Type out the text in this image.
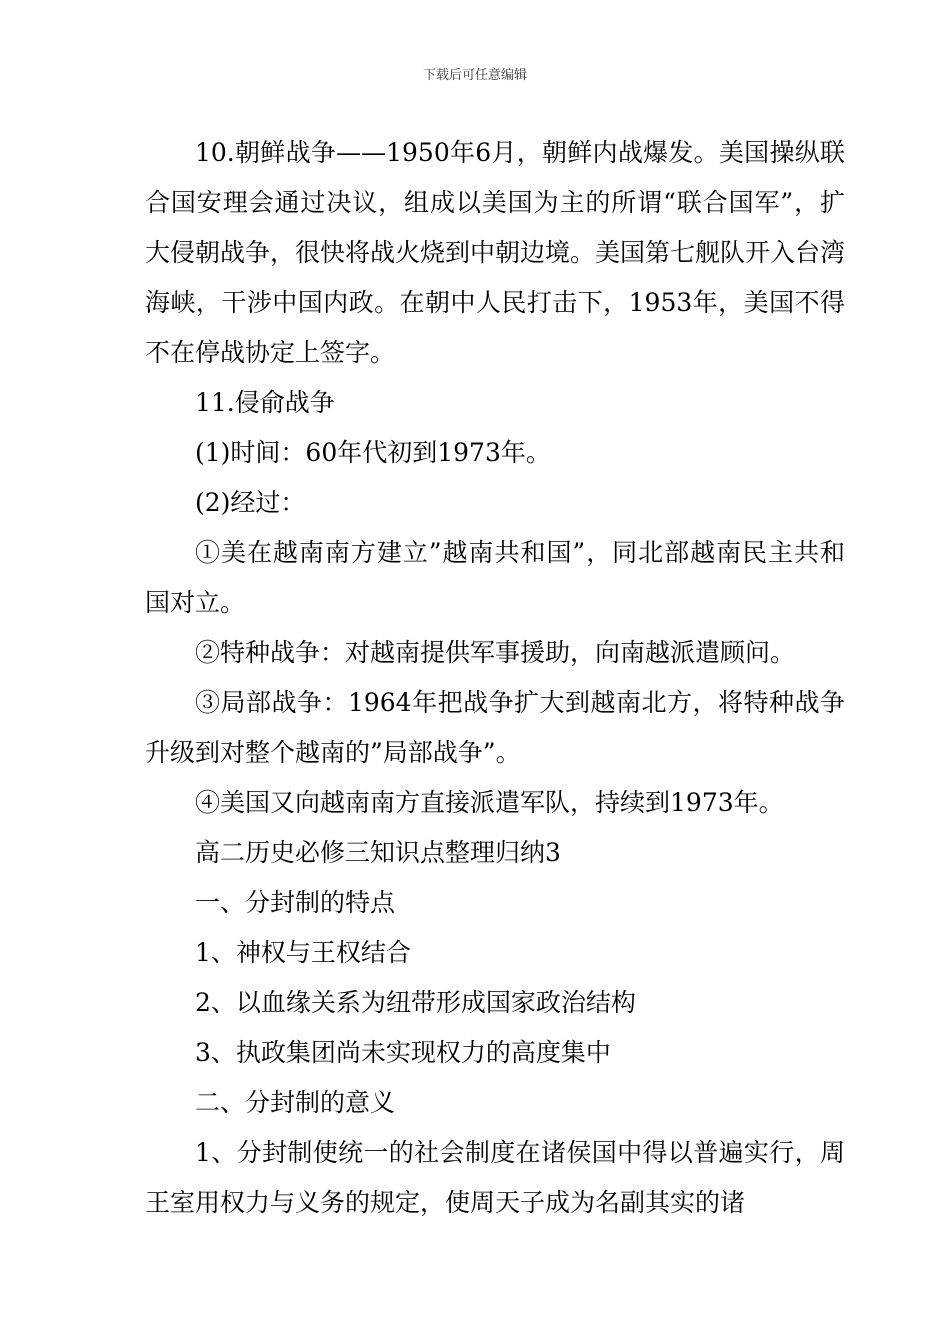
下载后可任意编辑

10.朝鲜战争——1950年6月，朝鲜内战爆发。美国操纵联合国安理会通过决议，组成以美国为主的所谓“联合国军”，扩大侵朝战争，很快将战火烧到中朝边境。美国第七舰队开入台湾海峡，干涉中国内政。在朝中人民打击下，1953年，美国不得不在停战协定上签字。

11.侵俞战争

(1)时间：60年代初到1973年。

(2)经过：

①美在越南南方建立”越南共和国”，同北部越南民主共和国对立。

②特种战争：对越南提供军事援助，向南越派遣顾问。

③局部战争：1964年把战争扩大到越南北方，将特种战争升级到对整个越南的”局部战争”。

④美国又向越南南方直接派遣军队，持续到1973年。

高二历史必修三知识点整理归纳3

一、分封制的特点

1、神权与王权结合

2、以血缘关系为纽带形成国家政治结构

3、执政集团尚未实现权力的高度集中

二、分封制的意义

1、分封制使统一的社会制度在诸侯国中得以普遍实行，周王室用权力与义务的规定，使周天子成为名副其实的诸
